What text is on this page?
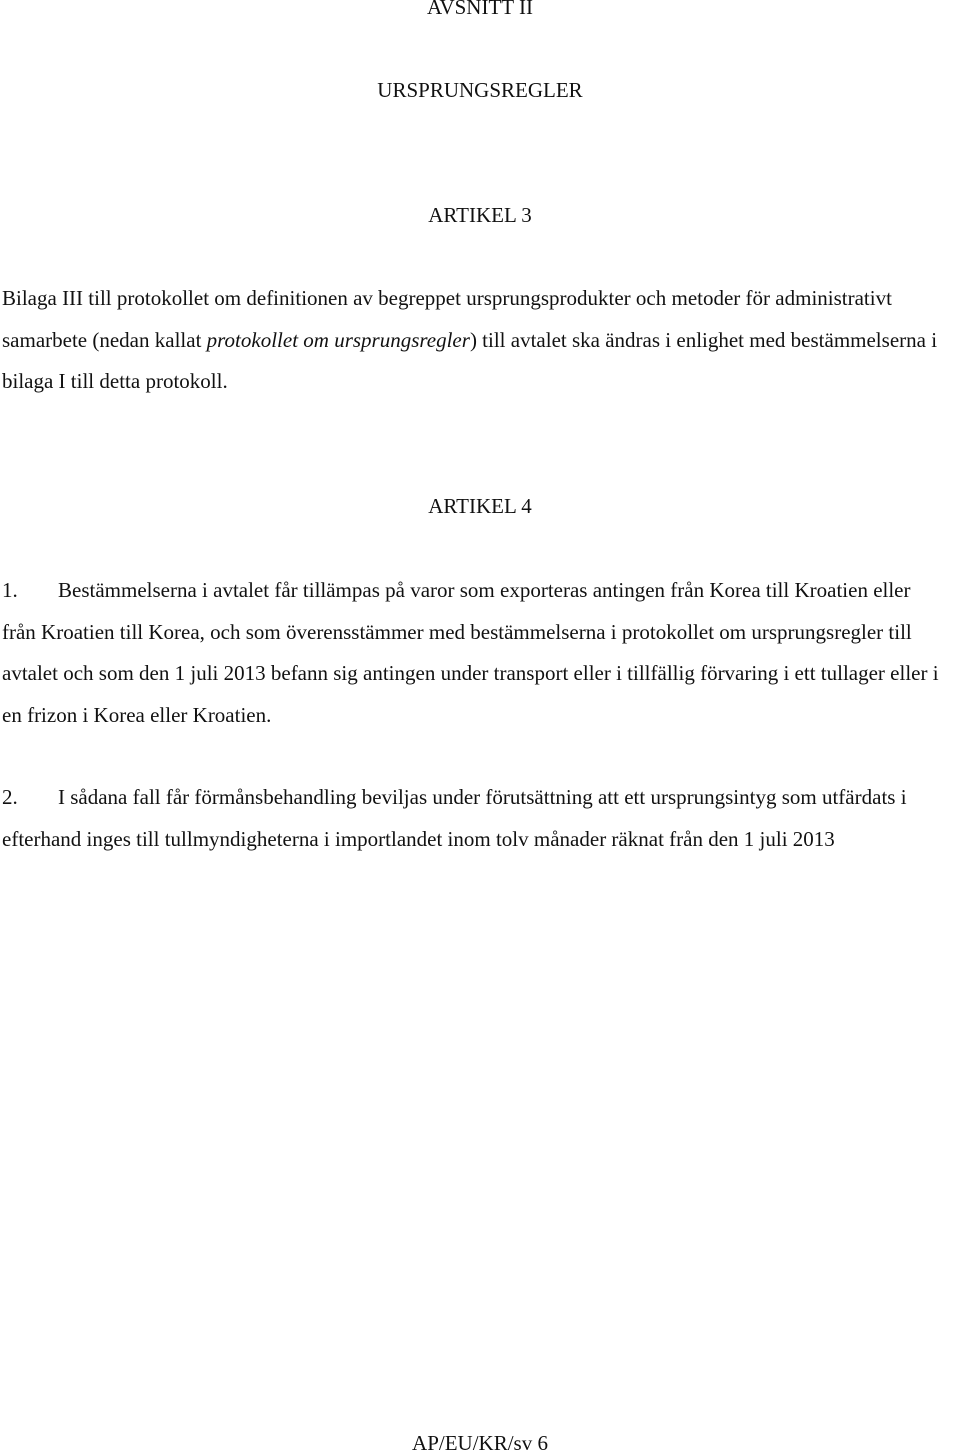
AVSNITT II
URSPRUNGSREGLER
ARTIKEL 3

Bilaga III till protokollet om definitionen av begreppet ursprungsprodukter och metoder för administrativt samarbete (nedan kallat protokollet om ursprungsregler) till avtalet ska ändras i enlighet med bestämmelserna i bilaga I till detta protokoll.

ARTIKEL 4

1. Bestämmelserna i avtalet får tillämpas på varor som exporteras antingen från Korea till Kroatien eller från Kroatien till Korea, och som överensstämmer med bestämmelserna i protokollet om ursprungsregler till avtalet och som den 1 juli 2013 befann sig antingen under transport eller i tillfällig förvaring i ett tullager eller i en frizon i Korea eller Kroatien.

2. I sådana fall får förmånsbehandling beviljas under förutsättning att ett ursprungsintyg som utfärdats i efterhand inges till tullmyndigheterna i importlandet inom tolv månader räknat från den 1 juli 2013

AP/EU/KR/sv 6
